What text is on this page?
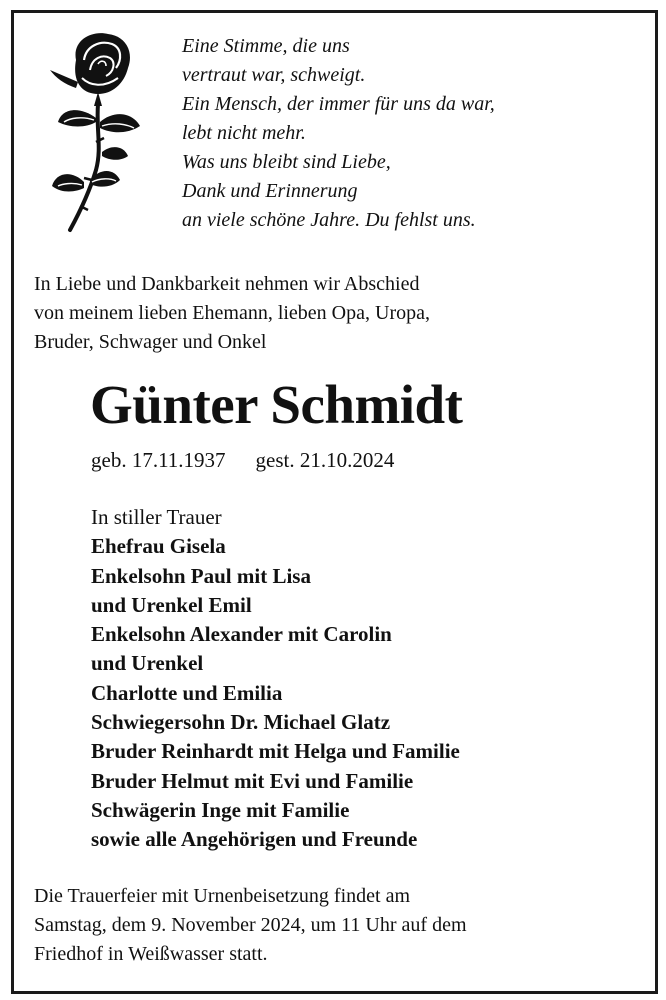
Eine Stimme, die uns
vertraut war, schweigt.
Ein Mensch, der immer für uns da war,
lebt nicht mehr.
Was uns bleibt sind Liebe,
Dank und Erinnerung
an viele schöne Jahre. Du fehlst uns.
In Liebe und Dankbarkeit nehmen wir Abschied
von meinem lieben Ehemann, lieben Opa, Uropa,
Bruder, Schwager und Onkel
Günter Schmidt
geb. 17.11.1937 gest. 21.10.2024
In stiller Trauer
Ehefrau Gisela
Enkelsohn Paul mit Lisa
und Urenkel Emil
Enkelsohn Alexander mit Carolin
und Urenkel
Charlotte und Emilia
Schwiegersohn Dr. Michael Glatz
Bruder Reinhardt mit Helga und Familie
Bruder Helmut mit Evi und Familie
Schwägerin Inge mit Familie
sowie alle Angehörigen und Freunde
Die Trauerfeier mit Urnenbeisetzung findet am
Samstag, dem 9. November 2024, um 11 Uhr auf dem
Friedhof in Weißwasser statt.
